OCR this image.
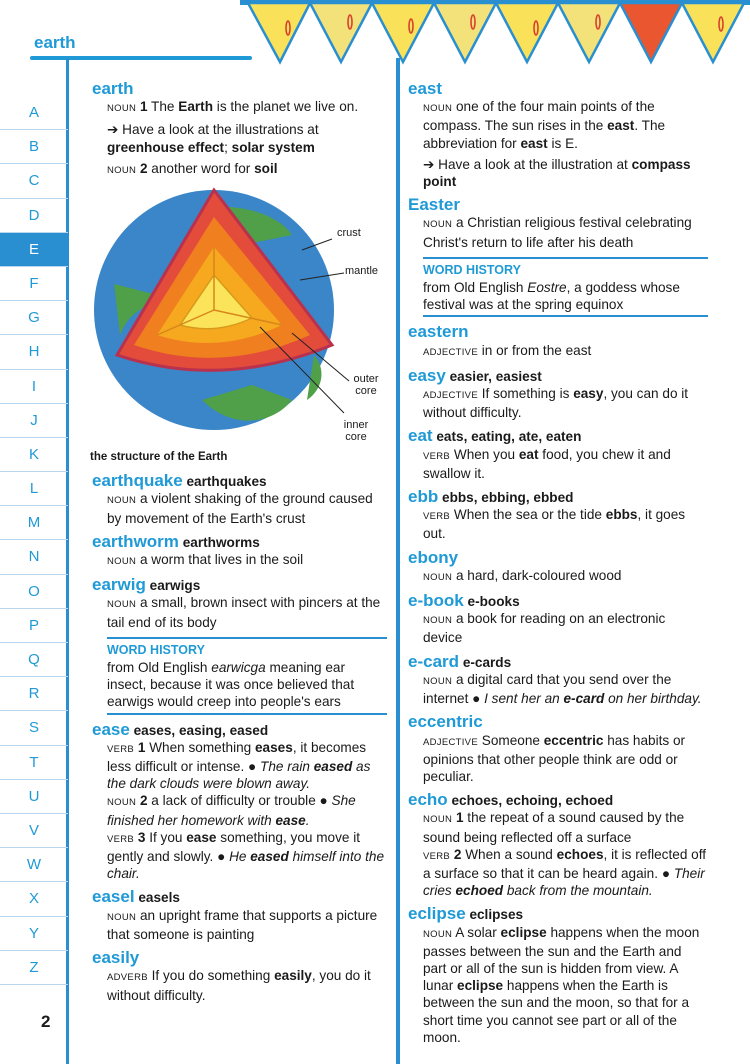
earth
A
B
C
D
E
F
G
H
I
J
K
L
M
N
O
P
Q
R
S
T
U
V
W
X
Y
Z
2
earth
NOUN 1 The Earth is the planet we live on.
➔ Have a look at the illustrations at greenhouse effect; solar system
NOUN 2 another word for soil
crust
mantle
outer core
inner core
the structure of the Earth
earthquake earthquakes
NOUN a violent shaking of the ground caused by movement of the Earth's crust
earthworm earthworms
NOUN a worm that lives in the soil
earwig earwigs
NOUN a small, brown insect with pincers at the tail end of its body
WORD HISTORY
from Old English earwicga meaning ear insect, because it was once believed that earwigs would creep into people's ears
ease eases, easing, eased
VERB 1 When something eases, it becomes less difficult or intense. ● The rain eased as the dark clouds were blown away.
NOUN 2 a lack of difficulty or trouble ● She finished her homework with ease.
VERB 3 If you ease something, you move it gently and slowly. ● He eased himself into the chair.
easel easels
NOUN an upright frame that supports a picture that someone is painting
easily
ADVERB If you do something easily, you do it without difficulty.
east
NOUN one of the four main points of the compass. The sun rises in the east. The abbreviation for east is E.
➔ Have a look at the illustration at compass point
Easter
NOUN a Christian religious festival celebrating Christ's return to life after his death
WORD HISTORY
from Old English Eostre, a goddess whose festival was at the spring equinox
eastern
ADJECTIVE in or from the east
easy easier, easiest
ADJECTIVE If something is easy, you can do it without difficulty.
eat eats, eating, ate, eaten
VERB When you eat food, you chew it and swallow it.
ebb ebbs, ebbing, ebbed
VERB When the sea or the tide ebbs, it goes out.
ebony
NOUN a hard, dark-coloured wood
e-book e-books
NOUN a book for reading on an electronic device
e-card e-cards
NOUN a digital card that you send over the internet ● I sent her an e-card on her birthday.
eccentric
ADJECTIVE Someone eccentric has habits or opinions that other people think are odd or peculiar.
echo echoes, echoing, echoed
NOUN 1 the repeat of a sound caused by the sound being reflected off a surface
VERB 2 When a sound echoes, it is reflected off a surface so that it can be heard again. ● Their cries echoed back from the mountain.
eclipse eclipses
NOUN A solar eclipse happens when the moon passes between the sun and the Earth and part or all of the sun is hidden from view. A lunar eclipse happens when the Earth is between the sun and the moon, so that for a short time you cannot see part or all of the moon.
